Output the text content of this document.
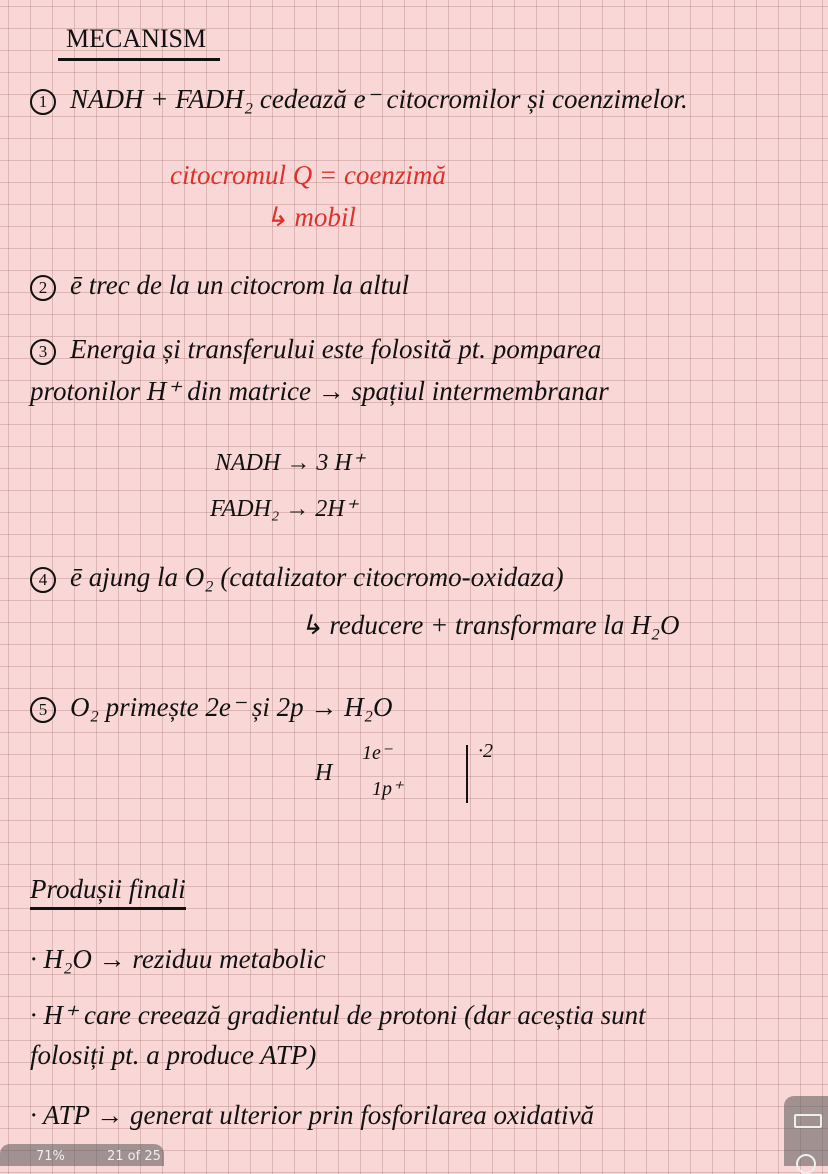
MECANISM
1 NADH + FADH₂ cedează e⁻ citocromilor și coenzimelor.
citocromul Q = coenzimă
↳ mobil
2 ē trec de la un citocrom la altul
3 Energia și transferului este folosită pt. pomparea
protonilor H⁺ din matrice → spațiul intermembranar
NADH → 3 H⁺
FADH₂ → 2H⁺
4 ē ajung la O₂ (catalizator citocromo-oxidaza)
↳ reducere + transformare la H₂O
5 O₂ primește 2e⁻ și 2p → H₂O
H
1e⁻
1p⁺
·2
Produșii finali
· H₂O → reziduu metabolic
· H⁺ care creează gradientul de protoni (dar aceștia sunt
folosiți pt. a produce ATP)
· ATP → generat ulterior prin fosforilarea oxidativă
71%	21 of 25
